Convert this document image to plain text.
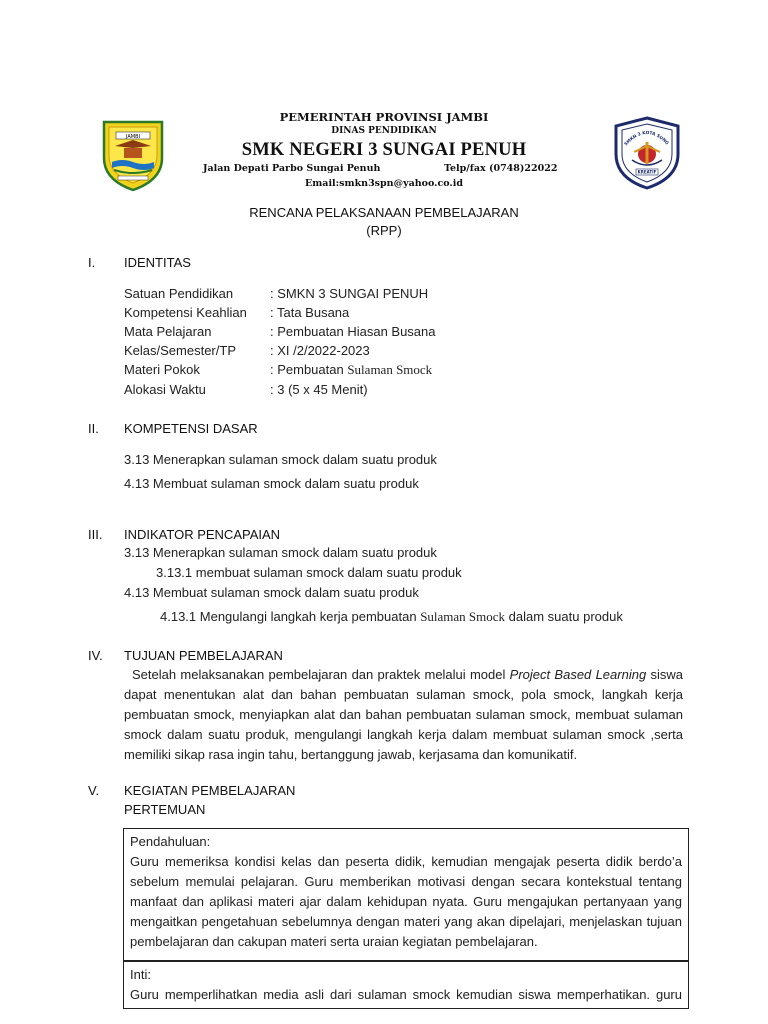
JAMBI
SMKN 3 KOTA SUNG
KREATIF
PEMERINTAH PROVINSI JAMBI
DINAS PENDIDIKAN
SMK NEGERI 3 SUNGAI PENUH
Jalan Depati Parbo Sungai Penuh	Telp/fax (0748)22022
Email:smkn3spn@yahoo.co.id
RENCANA PELAKSANAAN PEMBELAJARAN
(RPP)
I. IDENTITAS
Satuan Pendidikan	: SMKN 3 SUNGAI PENUH
Kompetensi Keahlian : Tata Busana
Mata Pelajaran	: Pembuatan Hiasan Busana
Kelas/Semester/TP	: XI /2/2022-2023
Materi Pokok	: Pembuatan Sulaman Smock
Alokasi Waktu	: 3 (5 x 45 Menit)
II. KOMPETENSI DASAR
3.13 Menerapkan sulaman smock dalam suatu produk
4.13 Membuat sulaman smock dalam suatu produk
III. INDIKATOR PENCAPAIAN
3.13 Menerapkan sulaman smock dalam suatu produk
3.13.1 membuat sulaman smock dalam suatu produk
4.13 Membuat sulaman smock dalam suatu produk
4.13.1 Mengulangi langkah kerja pembuatan Sulaman Smock dalam suatu produk
IV. TUJUAN PEMBELAJARAN
Setelah melaksanakan pembelajaran dan praktek melalui model Project Based Learning siswa dapat menentukan alat dan bahan pembuatan sulaman smock, pola smock, langkah kerja pembuatan smock, menyiapkan alat dan bahan pembuatan sulaman smock, membuat sulaman smock dalam suatu produk, mengulangi langkah kerja dalam membuat sulaman smock ,serta memiliki sikap rasa ingin tahu, bertanggung jawab, kerjasama dan komunikatif.
V. KEGIATAN PEMBELAJARAN
PERTEMUAN

Pendahuluan:

Guru memeriksa kondisi kelas dan peserta didik, kemudian mengajak peserta didik berdo’a sebelum memulai pelajaran. Guru memberikan motivasi dengan secara kontekstual tentang manfaat dan aplikasi materi ajar dalam kehidupan nyata. Guru mengajukan pertanyaan yang mengaitkan pengetahuan sebelumnya dengan materi yang akan dipelajari, menjelaskan tujuan pembelajaran dan cakupan materi serta uraian kegiatan pembelajaran.

Inti:

Guru memperlihatkan media asli dari sulaman smock kemudian siswa memperhatikan. guru
